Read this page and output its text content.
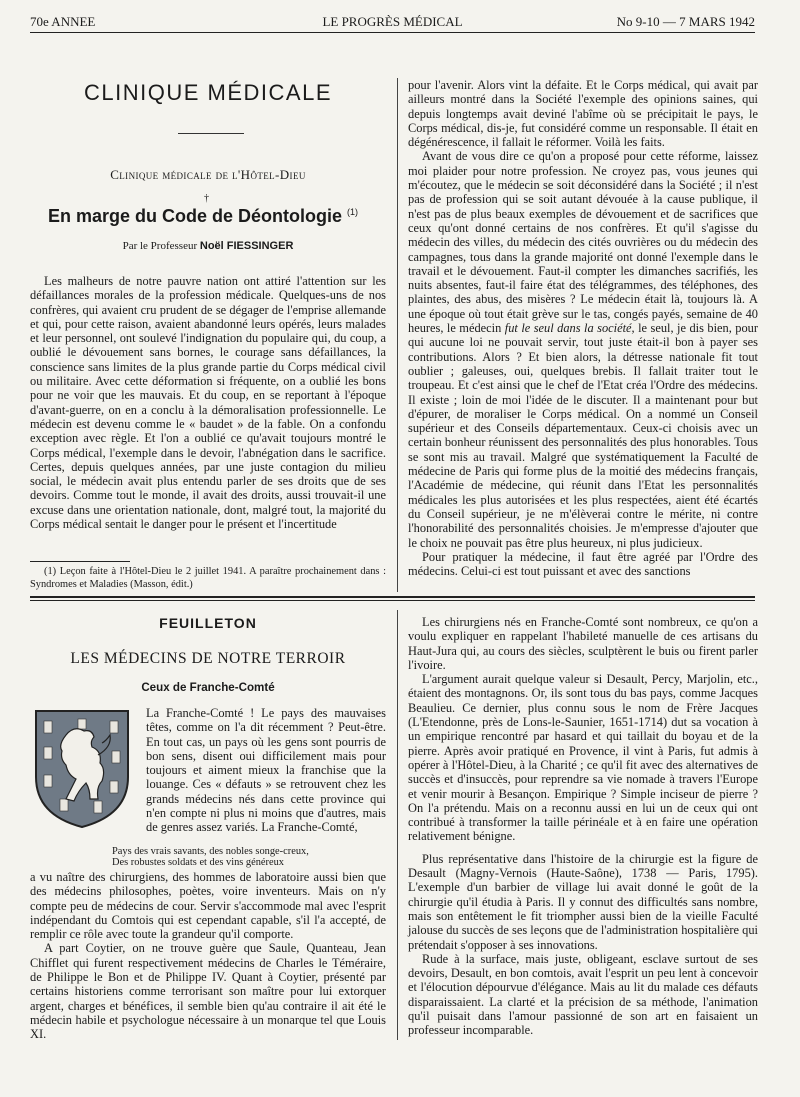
70e ANNEE	LE PROGRÈS MÉDICAL	No 9-10 — 7 MARS 1942

CLINIQUE MÉDICALE

Clinique médicale de l'Hôtel-Dieu

†

En marge du Code de Déontologie $^{(1)}$

Par le Professeur Noël FIESSINGER

Les malheurs de notre pauvre nation ont attiré l'attention sur les défaillances morales de la profession médicale. Quelques-uns de nos confrères, qui avaient cru prudent de se dégager de l'emprise allemande et qui, pour cette raison, avaient abandonné leurs opérés, leurs malades et leur personnel, ont soulevé l'indignation du populaire qui, du coup, a oublié le dévouement sans bornes, le courage sans défaillances, la conscience sans limites de la plus grande partie du Corps médical civil ou militaire. Avec cette déformation si fréquente, on a oublié les bons pour ne voir que les mauvais. Et du coup, en se reportant à l'époque d'avant-guerre, on en a conclu à la démoralisation professionnelle. Le médecin est devenu comme le « baudet » de la fable. On a confondu exception avec règle. Et l'on a oublié ce qu'avait toujours montré le Corps médical, l'exemple dans le devoir, l'abnégation dans le sacrifice. Certes, depuis quelques années, par une juste contagion du milieu social, le médecin avait plus entendu parler de ses droits que de ses devoirs. Comme tout le monde, il avait des droits, aussi trouvait-il une excuse dans une orientation nationale, dont, malgré tout, la majorité du Corps médical sentait le danger pour le présent et l'incertitude

(1) Leçon faite à l'Hôtel-Dieu le 2 juillet 1941. A paraître prochainement dans : Syndromes et Maladies (Masson, édit.)

pour l'avenir. Alors vint la défaite. Et le Corps médical, qui avait par ailleurs montré dans la Société l'exemple des opinions saines, qui depuis longtemps avait deviné l'abîme où se précipitait le pays, le Corps médical, dis-je, fut considéré comme un responsable. Il était en dégénérescence, il fallait le réformer. Voilà les faits.

Avant de vous dire ce qu'on a proposé pour cette réforme, laissez moi plaider pour notre profession. Ne croyez pas, vous jeunes qui m'écoutez, que le médecin se soit déconsidéré dans la Société ; il n'est pas de profession qui se soit autant dévouée à la cause publique, il n'est pas de plus beaux exemples de dévouement et de sacrifices que ceux qu'ont donné certains de nos confrères. Et qu'il s'agisse du médecin des villes, du médecin des cités ouvrières ou du médecin des campagnes, tous dans la grande majorité ont donné l'exemple dans le travail et le dévouement. Faut-il compter les dimanches sacrifiés, les nuits absentes, faut-il faire état des télégrammes, des téléphones, des plaintes, des abus, des misères ? Le médecin était là, toujours là. A une époque où tout était grève sur le tas, congés payés, semaine de 40 heures, le médecin fut le seul dans la société, le seul, je dis bien, pour qui aucune loi ne pouvait servir, tout juste était-il bon à payer ses contributions. Alors ? Et bien alors, la détresse nationale fit tout oublier ; galeuses, oui, quelques brebis. Il fallait traiter tout le troupeau. Et c'est ainsi que le chef de l'Etat créa l'Ordre des médecins. Il existe ; loin de moi l'idée de le discuter. Il a maintenant pour but d'épurer, de moraliser le Corps médical. On a nommé un Conseil supérieur et des Conseils départementaux. Ceux-ci choisis avec un certain bonheur réunissent des personnalités des plus honorables. Tous se sont mis au travail. Malgré que systématiquement la Faculté de médecine de Paris qui forme plus de la moitié des médecins français, l'Académie de médecine, qui réunit dans l'Etat les personnalités médicales les plus autorisées et les plus respectées, aient été écartés du Conseil supérieur, je ne m'élèverai contre le mérite, ni contre l'honorabilité des personnalités choisies. Je m'empresse d'ajouter que le choix ne pouvait pas être plus heureux, ni plus judicieux.

Pour pratiquer la médecine, il faut être agréé par l'Ordre des médecins. Celui-ci est tout puissant et avec des sanctions

FEUILLETON

LES MÉDECINS DE NOTRE TERROIR

Ceux de Franche-Comté

La Franche-Comté ! Le pays des mauvaises têtes, comme on l'a dit récemment ? Peut-être. En tout cas, un pays où les gens sont pourris de bon sens, disent oui difficilement mais pour toujours et aiment mieux la franchise que la louange. Ces « défauts » se retrouvent chez les grands médecins nés dans cette province qui n'en compte ni plus ni moins que d'autres, mais de genres assez variés. La Franche-Comté,

Pays des vrais savants, des nobles songe-creux,
Des robustes soldats et des vins généreux

a vu naître des chirurgiens, des hommes de laboratoire aussi bien que des médecins philosophes, poètes, voire inventeurs. Mais on n'y compte peu de médecins de cour. Servir s'accommode mal avec l'esprit indépendant du Comtois qui est cependant capable, s'il l'a accepté, de remplir ce rôle avec toute la grandeur qu'il comporte.

A part Coytier, on ne trouve guère que Saule, Quanteau, Jean Chifflet qui furent respectivement médecins de Charles le Téméraire, de Philippe le Bon et de Philippe IV. Quant à Coytier, présenté par certains historiens comme terrorisant son maître pour lui extorquer argent, charges et bénéfices, il semble bien qu'au contraire il ait été le médecin habile et psychologue nécessaire à un monarque tel que Louis XI.

Les chirurgiens nés en Franche-Comté sont nombreux, ce qu'on a voulu expliquer en rappelant l'habileté manuelle de ces artisans du Haut-Jura qui, au cours des siècles, sculptèrent le buis ou firent parler l'ivoire.

L'argument aurait quelque valeur si Desault, Percy, Marjolin, etc., étaient des montagnons. Or, ils sont tous du bas pays, comme Jacques Beaulieu. Ce dernier, plus connu sous le nom de Frère Jacques (L'Etendonne, près de Lons-le-Saunier, 1651-1714) dut sa vocation à un empirique rencontré par hasard et qui taillait du boyau et de la pierre. Après avoir pratiqué en Provence, il vint à Paris, fut admis à opérer à l'Hôtel-Dieu, à la Charité ; ce qu'il fit avec des alternatives de succès et d'insuccès, pour reprendre sa vie nomade à travers l'Europe et venir mourir à Besançon. Empirique ? Simple inciseur de pierre ? On l'a prétendu. Mais on a reconnu aussi en lui un de ceux qui ont contribué à transformer la taille périnéale et à en faire une opération relativement bénigne.

Plus représentative dans l'histoire de la chirurgie est la figure de Desault (Magny-Vernois (Haute-Saône), 1738 — Paris, 1795). L'exemple d'un barbier de village lui avait donné le goût de la chirurgie qu'il étudia à Paris. Il y connut des difficultés sans nombre, mais son entêtement le fit triompher aussi bien de la vieille Faculté jalouse du succès de ses leçons que de l'administration hospitalière qui prétendait s'opposer à ses innovations.

Rude à la surface, mais juste, obligeant, esclave surtout de ses devoirs, Desault, en bon comtois, avait l'esprit un peu lent à concevoir et l'élocution dépourvue d'élégance. Mais au lit du malade ces défauts disparaissaient. La clarté et la précision de sa méthode, l'animation qu'il puisait dans l'amour passionné de son art en faisaient un professeur incomparable.
